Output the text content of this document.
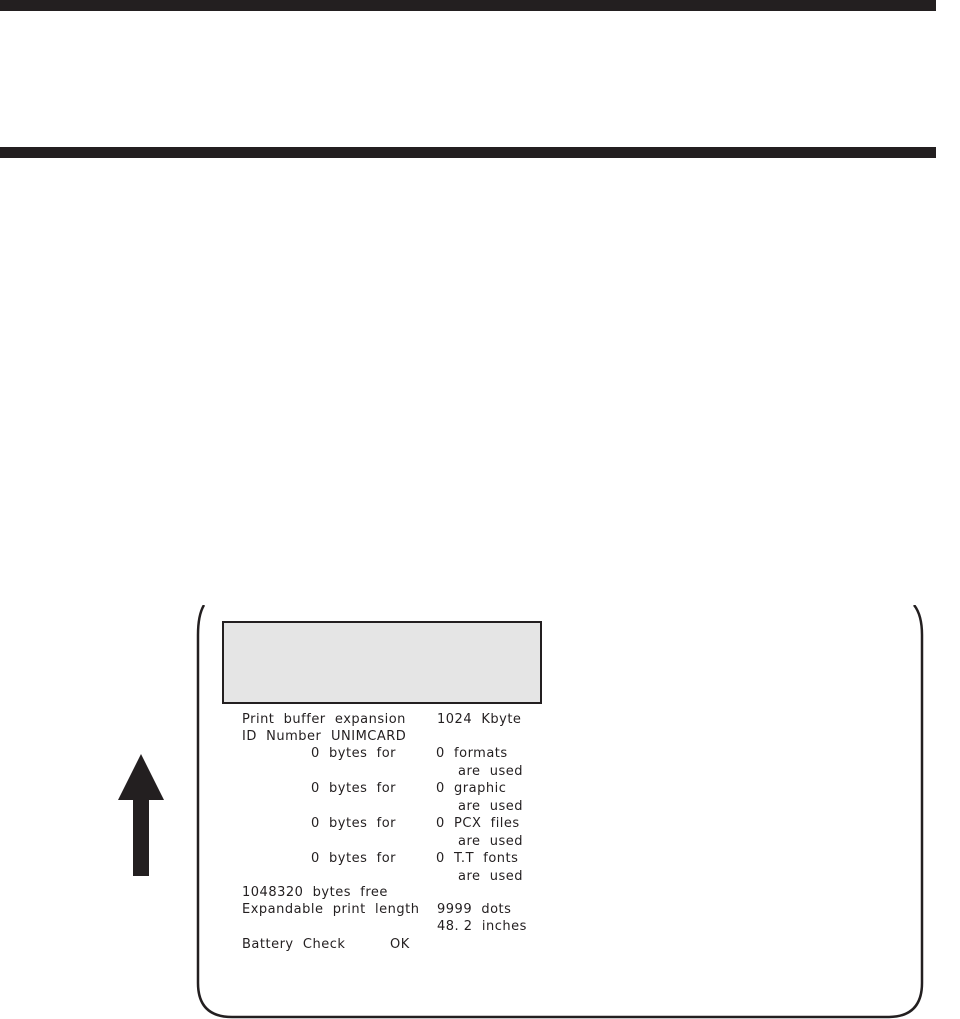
Print  buffer  expansion 1024  Kbyte
ID  Number UNIMCARD
0  bytes  for	0  formats
are  used
0  bytes  for	0  graphic
are  used
0  bytes  for	0  PCX  files
are  used
0  bytes  for	0  T.T  fonts
are  used
1048320  bytes  free
Expandable  print  length 9999  dots
48. 2  inches
Battery  Check	OK
